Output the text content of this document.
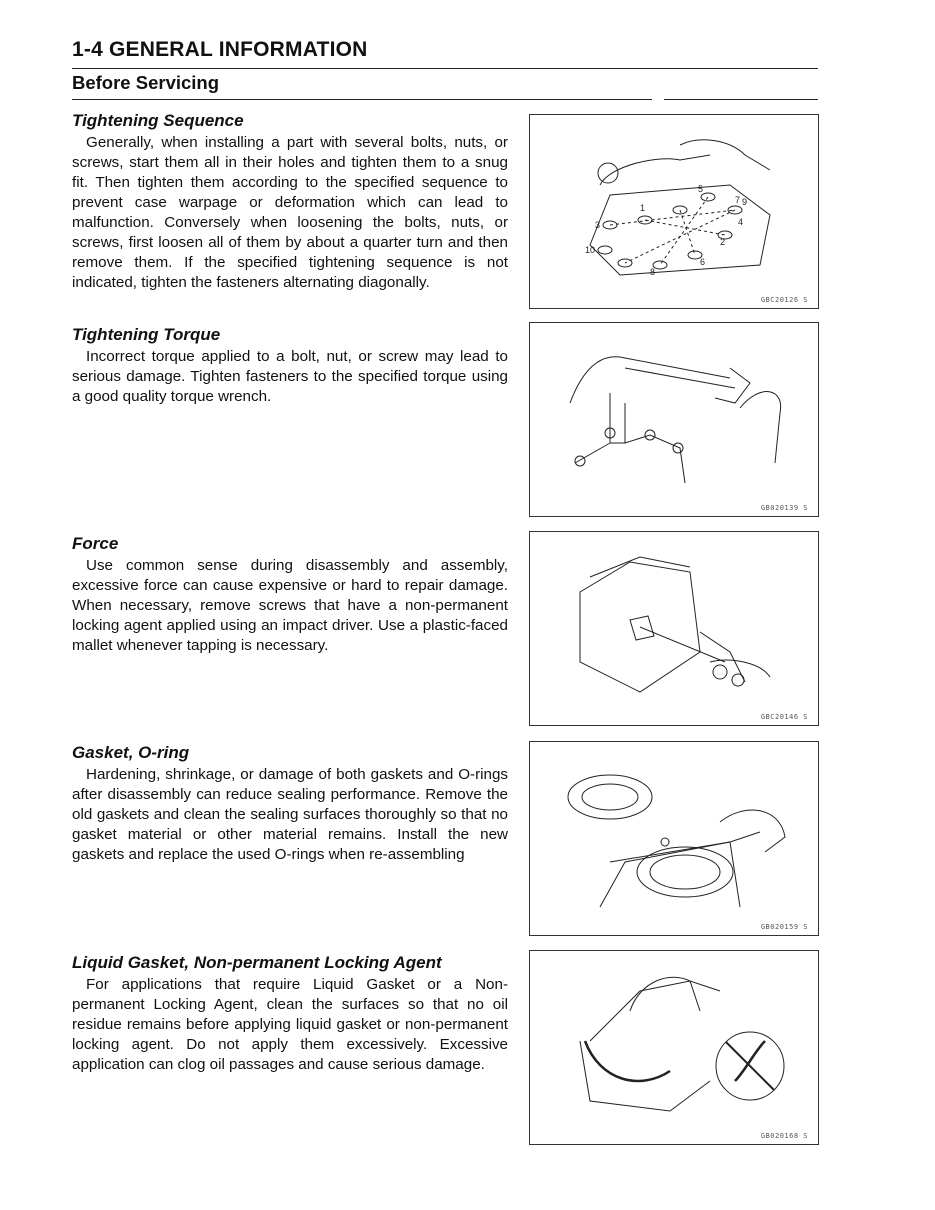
1-4 GENERAL INFORMATION
Before Servicing
Tightening Sequence

Generally, when installing a part with several bolts, nuts, or screws, start them all in their holes and tighten them to a snug fit. Then tighten them according to the specified sequence to prevent case warpage or deformation which can lead to malfunction. Conversely when loosening the bolts, nuts, or screws, first loosen all of them by about a quarter turn and then remove them. If the specified tightening sequence is not indicated, tighten the fasteners alternating diagonally.

1
2
3	4
5
6
7
8
9
10
GBC20126 S
Tightening Torque

Incorrect torque applied to a bolt, nut, or screw may lead to serious damage. Tighten fasteners to the specified torque using a good quality torque wrench.

GB020139 S
Force

Use common sense during disassembly and assembly, excessive force can cause expensive or hard to repair damage. When necessary, remove screws that have a non-permanent locking agent applied using an impact driver. Use a plastic-faced mallet whenever tapping is necessary.

GBC20146 S
Gasket, O-ring

Hardening, shrinkage, or damage of both gaskets and O-rings after disassembly can reduce sealing performance. Remove the old gaskets and clean the sealing surfaces thoroughly so that no gasket material or other material remains. Install the new gaskets and replace the used O-rings when re-assembling

GB020159 S
Liquid Gasket, Non-permanent Locking Agent

For applications that require Liquid Gasket or a Non-permanent Locking Agent, clean the surfaces so that no oil residue remains before applying liquid gasket or non-permanent locking agent. Do not apply them excessively. Excessive application can clog oil passages and cause serious damage.

GB020168 S
